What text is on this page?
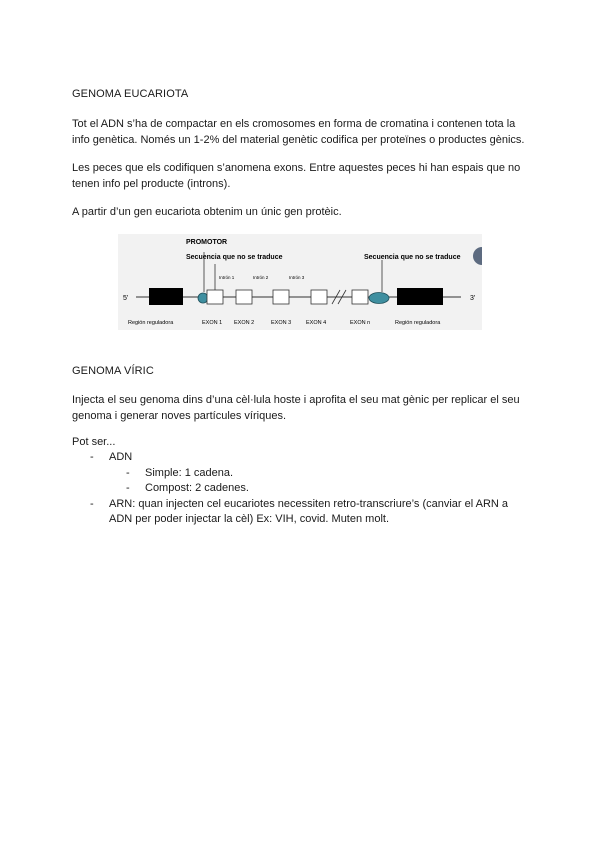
GENOMA EUCARIOTA

Tot el ADN s’ha de compactar en els cromosomes en forma de cromatina i contenen tota la info genètica. Només un 1-2% del material genètic codifica per proteïnes o productes gènics.

Les peces que els codifiquen s’anomena exons. Entre aquestes peces hi han espais que no tenen info pel producte (introns).

A partir d’un gen eucariota obtenim un únic gen protèic.

PROMOTOR
Secuencia que no se traduce	Secuencia que no se traduce
Intrón 1	Intrón 2	Intrón 3
5'	3'
Región reguladora	EXON 1 EXON 2	EXON 3	EXON 4	EXON n	Región reguladora

GENOMA VÍRIC

Injecta el seu genoma dins d’una cèl·lula hoste i aprofita el seu mat gènic per replicar el seu genoma i generar noves partícules víriques.

Pot ser...

- ADN
- Simple: 1 cadena.
- Compost: 2 cadenes.
- ARN: quan injecten cel eucariotes necessiten retro-transcriure’s (canviar el ARN a ADN per poder injectar la cèl) Ex: VIH, covid. Muten molt.
